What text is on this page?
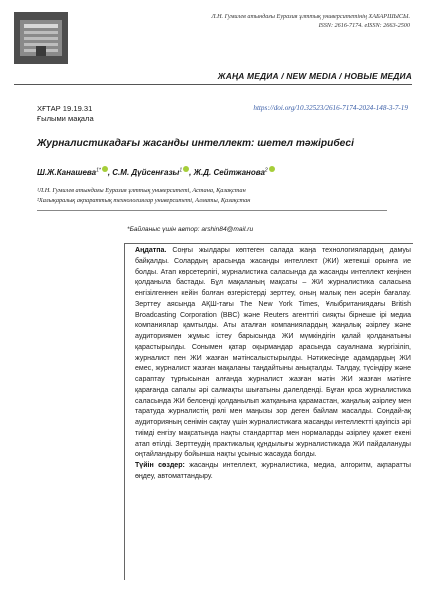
Л.Н. Гумилев атындағы Еуразия ұлттық университетінің ХАБАРШЫСЫ.
ISSN: 2616-7174. eISSN: 2663-2500
ЖАҢА МЕДИА / NEW MEDIA / НОВЫЕ МЕДИА
ХҒТАР 19.19.31
Ғылыми мақала
https://doi.org/10.32523/2616-7174-2024-148-3-7-19
Журналистикадағы жасанды интеллект: шетел тәжірибесі
Ш.Ж.Канашева$^{1*}$ , С.М. Дүйсенғазы$^1$ , Ж.Д. Сейтжанова$^2$
¹Л.Н. Гумилев атындағы Еуразия ұлттық университеті, Астана, Қазақстан
²Халықаралық ақпараттық технологиялар университеті, Алматы, Қазақстан
*Байланыс үшін автор: arshin84@mail.ru
Аңдатпа. Соңғы жылдары көптеген салада жаңа технологиялардың дамуы байқалды. Солардың арасында жасанды интеллект (ЖИ) жетекші орынға ие болды. Атап көрсетерлігі, журналистика саласында да жасанды интеллект кеңінен қолданыла бастады. Бұл мақаланың мақсаты – ЖИ журналистика саласына енгізілгеннен кейін болған өзгерістерді зерттеу, оның малық пен әсерін бағалау. Зерттеу аясында АҚШ-тағы The New York Times, Ұлыбританиядағы British Broadcasting Corporation (BBC) және Reuters агенттігі сияқты бірнеше ірі медиа компаниялар қамтылды. Аты аталған компаниялардың жаңалық әзірлеу және аудиториямен жұмыс істеу барысында ЖИ мүмкіндігін қалай қолданатыны қарастырылды. Сонымен қатар оқырмандар арасында сауалнама жүргізіліп, журналист пен ЖИ жазған мәтінсалыстырылды. Нәтижесінде адамдардың ЖИ емес, журналист жазған мақаланы таңдайтыны анықталды. Талдау, түсіндіру және сараптау тұрғысынан алғанда журналист жазған мәтін ЖИ жазған мәтінге қарағанда сапалы әрі салмақты шығатыны дәлелденді. Бұған қоса журналистика саласында ЖИ белсенді қолданылып жатқанына қарамастан, жаңалық әзірлеу мен таратуда журналистің рөлі мен маңызы зор деген байлам жасалды. Сондай-ақ аудиторияның сенімін сақтау үшін журналистикаға жасанды интеллектті қауіпсіз әрі тиімді енгізу мақсатында нақты стандарттар мен нормаларды әзірлеу қажет екені атап өтілді. Зерттеудің практикалық құндылығы журналистикада ЖИ пайдалануды оңтайландыру бойынша нақты ұсыныс жасауда болды.
Түйін сөздер: жасанды интеллект, журналистика, медиа, алгоритм, ақпаратты өңдеу, автоматтандыру.
